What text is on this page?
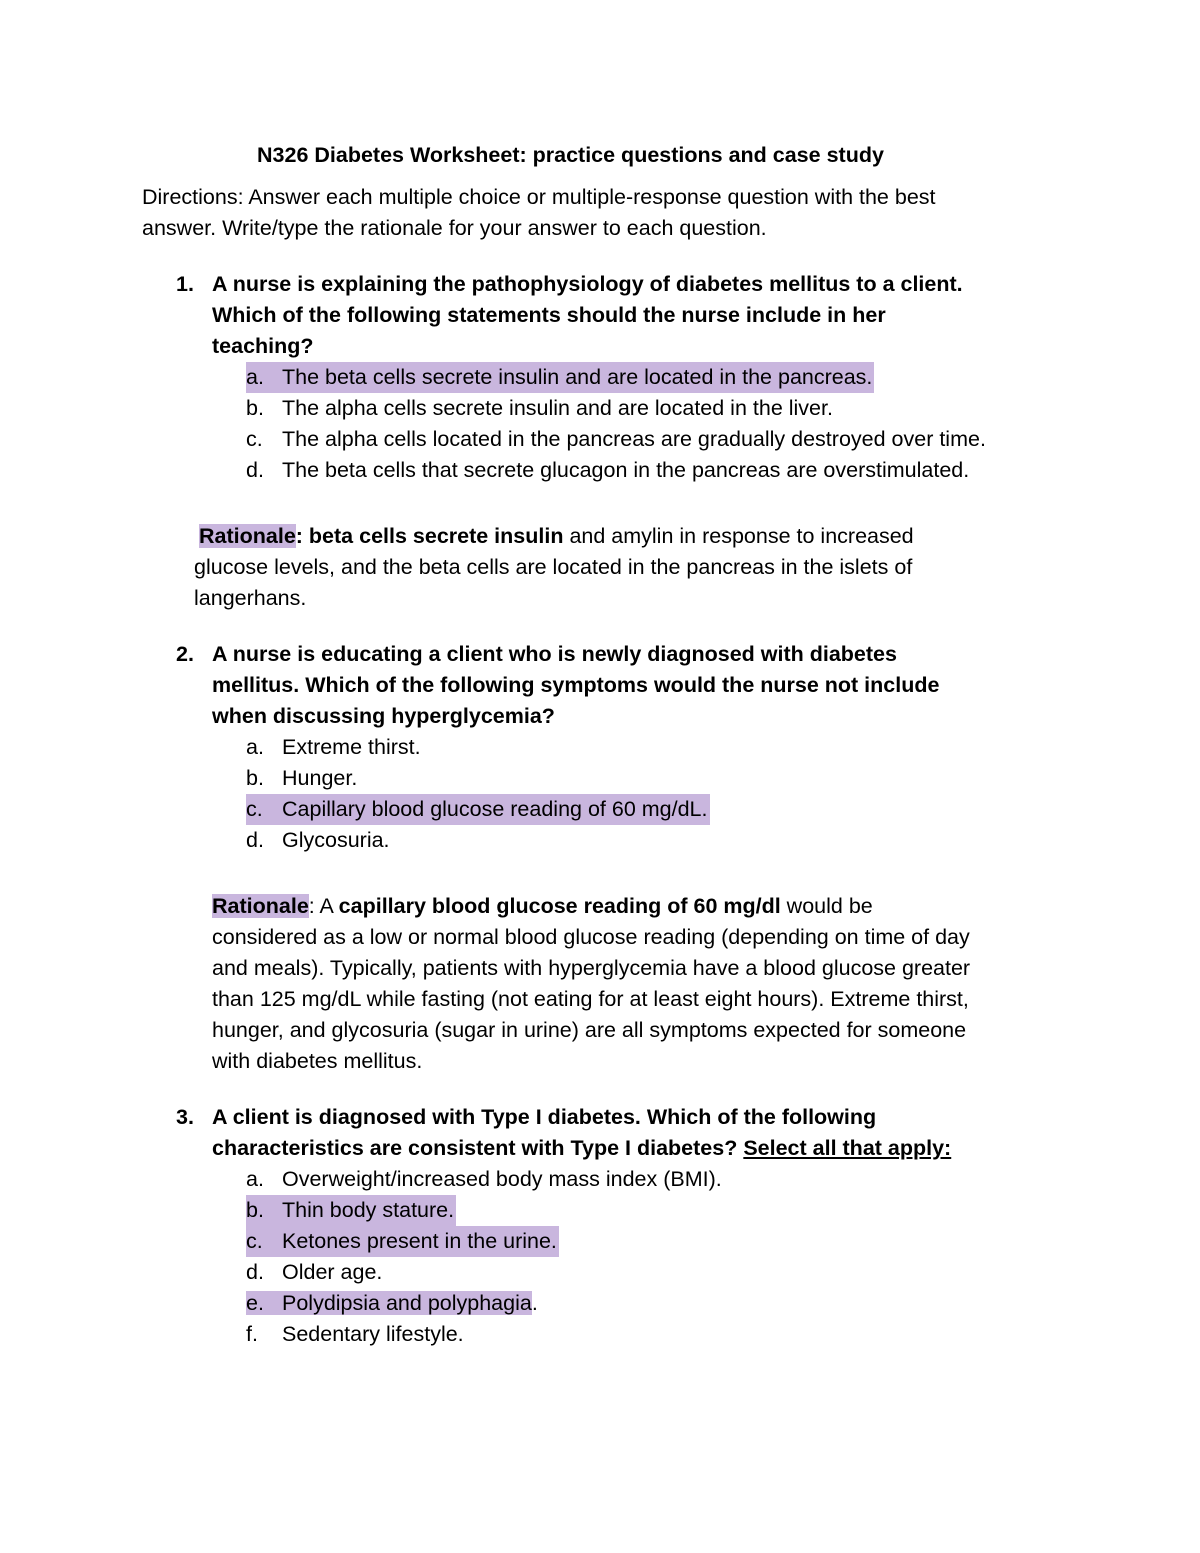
N326 Diabetes Worksheet: practice questions and case study
Directions: Answer each multiple choice or multiple-response question with the best
answer. Write/type the rationale for your answer to each question.
1. A nurse is explaining the pathophysiology of diabetes mellitus to a client.
Which of the following statements should the nurse include in her
teaching?
a. The beta cells secrete insulin and are located in the pancreas.
b. The alpha cells secrete insulin and are located in the liver.
c. The alpha cells located in the pancreas are gradually destroyed over time.
d. The beta cells that secrete glucagon in the pancreas are overstimulated.
Rationale: beta cells secrete insulin and amylin in response to increased
glucose levels, and the beta cells are located in the pancreas in the islets of
langerhans.
2. A nurse is educating a client who is newly diagnosed with diabetes
mellitus. Which of the following symptoms would the nurse not include
when discussing hyperglycemia?
a. Extreme thirst.
b. Hunger.
c. Capillary blood glucose reading of 60 mg/dL.
d. Glycosuria.
Rationale: A capillary blood glucose reading of 60 mg/dl would be
considered as a low or normal blood glucose reading (depending on time of day
and meals). Typically, patients with hyperglycemia have a blood glucose greater
than 125 mg/dL while fasting (not eating for at least eight hours). Extreme thirst,
hunger, and glycosuria (sugar in urine) are all symptoms expected for someone
with diabetes mellitus.
3. A client is diagnosed with Type I diabetes. Which of the following
characteristics are consistent with Type I diabetes? Select all that apply:
a. Overweight/increased body mass index (BMI).
b. Thin body stature.
c. Ketones present in the urine.
d. Older age.
e. Polydipsia and polyphagia.
f. Sedentary lifestyle.
